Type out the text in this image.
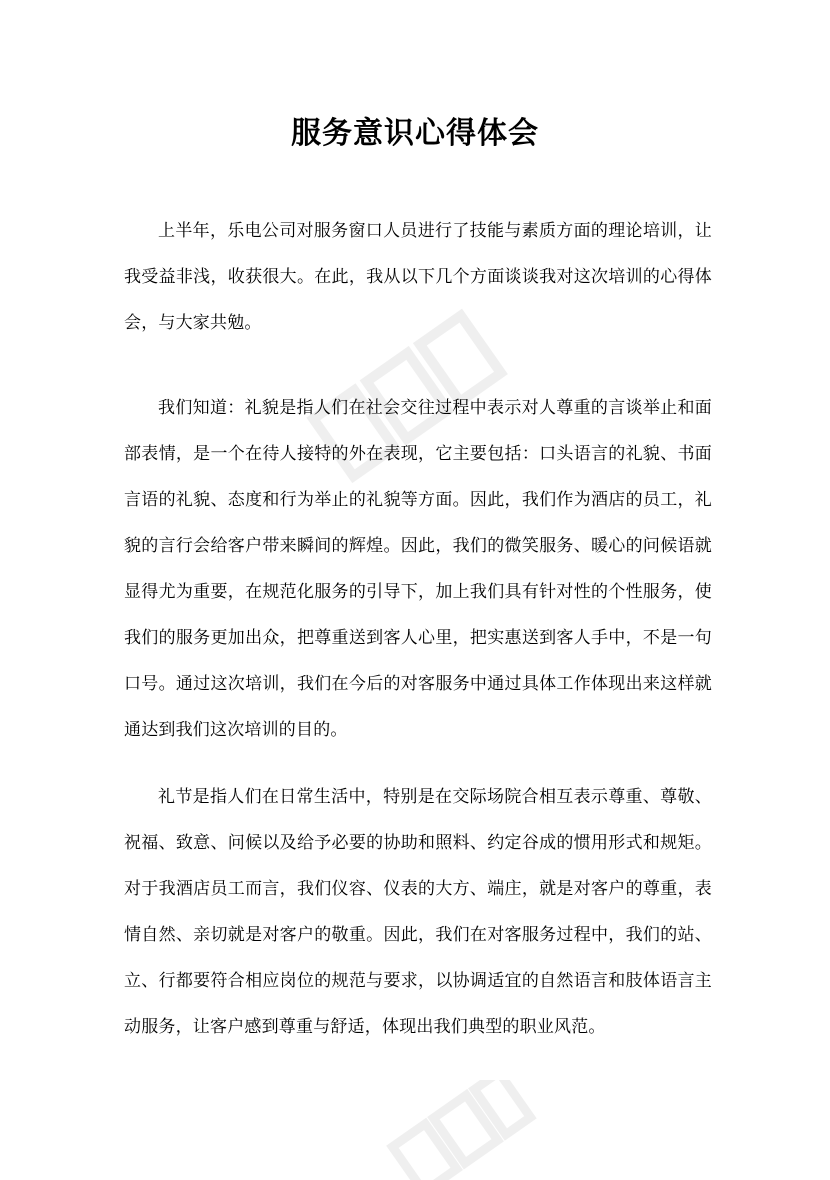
服务意识心得体会

上半年，乐电公司对服务窗口人员进行了技能与素质方面的理论培训，让我受益非浅，收获很大。在此，我从以下几个方面谈谈我对这次培训的心得体会，与大家共勉。

我们知道：礼貌是指人们在社会交往过程中表示对人尊重的言谈举止和面部表情，是一个在待人接特的外在表现，它主要包括：口头语言的礼貌、书面言语的礼貌、态度和行为举止的礼貌等方面。因此，我们作为酒店的员工，礼貌的言行会给客户带来瞬间的辉煌。因此，我们的微笑服务、暖心的问候语就显得尤为重要，在规范化服务的引导下，加上我们具有针对性的个性服务，使我们的服务更加出众，把尊重送到客人心里，把实惠送到客人手中，不是一句口号。通过这次培训，我们在今后的对客服务中通过具体工作体现出来这样就通达到我们这次培训的目的。

礼节是指人们在日常生活中，特别是在交际场院合相互表示尊重、尊敬、祝福、致意、问候以及给予必要的协助和照料、约定谷成的惯用形式和规矩。对于我酒店员工而言，我们仪容、仪表的大方、端庄，就是对客户的尊重，表情自然、亲切就是对客户的敬重。因此，我们在对客服务过程中，我们的站、立、行都要符合相应岗位的规范与要求，以协调适宜的自然语言和肢体语言主动服务，让客户感到尊重与舒适，体现出我们典型的职业风范。
